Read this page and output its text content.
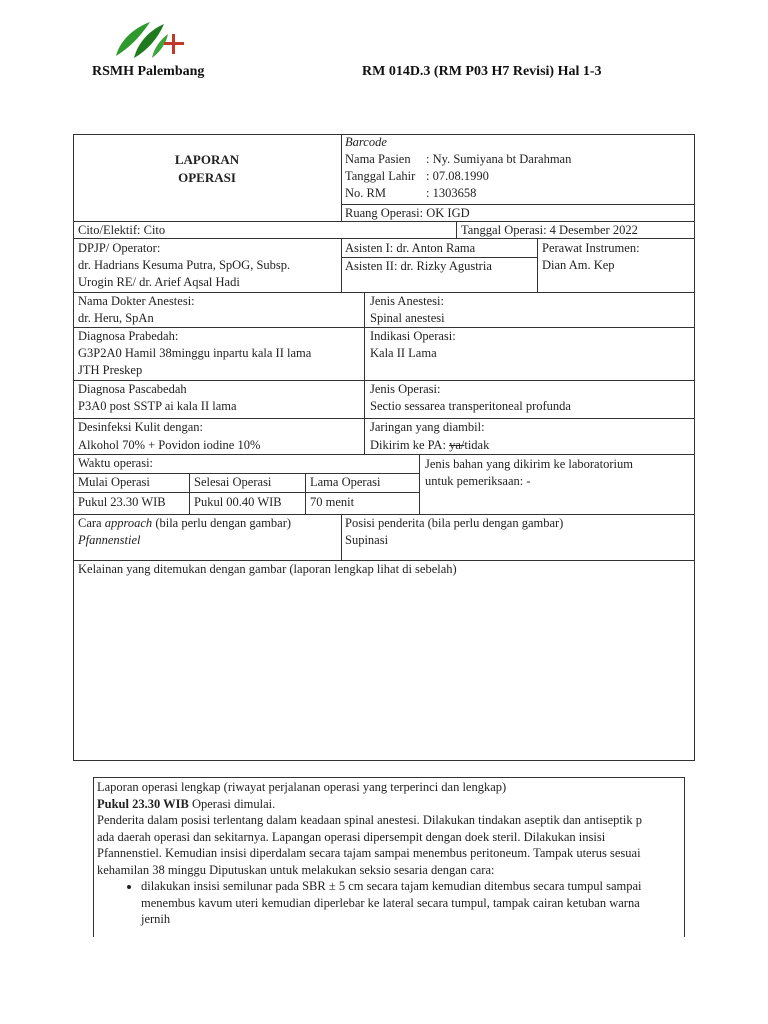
RSMH Palembang	RM 014D.3 (RM P03 H7 Revisi) Hal 1-3
LAPORAN
OPERASI
Barcode
Nama Pasien : Ny. Sumiyana bt Darahman
Tanggal Lahir : 07.08.1990
No. RM	: 1303658
Ruang Operasi: OK IGD
Cito/Elektif: Cito	Tanggal Operasi: 4 Desember 2022
DPJP/ Operator:
dr. Hadrians Kesuma Putra, SpOG, Subsp.
Urogin RE/ dr. Arief Aqsal Hadi
Asisten I: dr. Anton Rama
Asisten II: dr. Rizky Agustria
Perawat Instrumen:
Dian Am. Kep
Nama Dokter Anestesi:
dr. Heru, SpAn
Jenis Anestesi:
Spinal anestesi
Diagnosa Prabedah:
G3P2A0 Hamil 38minggu inpartu kala II lama
JTH Preskep
Indikasi Operasi:
Kala II Lama
Diagnosa Pascabedah
P3A0 post SSTP ai kala II lama
Jenis Operasi:
Sectio sessarea transperitoneal profunda
Desinfeksi Kulit dengan:
Alkohol 70% + Povidon iodine 10%
Jaringan yang diambil:
Dikirim ke PA: ya/tidak
Waktu operasi:
Mulai Operasi	Selesai Operasi	Lama Operasi
Pukul 23.30 WIB Pukul 00.40 WIB 70 menit
Jenis bahan yang dikirim ke laboratorium
untuk pemeriksaan: -
Cara approach (bila perlu dengan gambar)
Pfannenstiel
Posisi penderita (bila perlu dengan gambar)
Supinasi
Kelainan yang ditemukan dengan gambar (laporan lengkap lihat di sebelah)

Laporan operasi lengkap (riwayat perjalanan operasi yang terperinci dan lengkap)

Pukul 23.30 WIB Operasi dimulai.

Penderita dalam posisi terlentang dalam keadaan spinal anestesi. Dilakukan tindakan aseptik dan antiseptik p

ada daerah operasi dan sekitarnya. Lapangan operasi dipersempit dengan doek steril. Dilakukan insisi

Pfannenstiel. Kemudian insisi diperdalam secara tajam sampai menembus peritoneum. Tampak uterus sesuai

kehamilan 38 minggu Diputuskan untuk melakukan seksio sesaria dengan cara:

• dilakukan insisi semilunar pada SBR ± 5 cm secara tajam kemudian ditembus secara tumpul sampai
menembus kavum uteri kemudian diperlebar ke lateral secara tumpul, tampak cairan ketuban warna
jernih
